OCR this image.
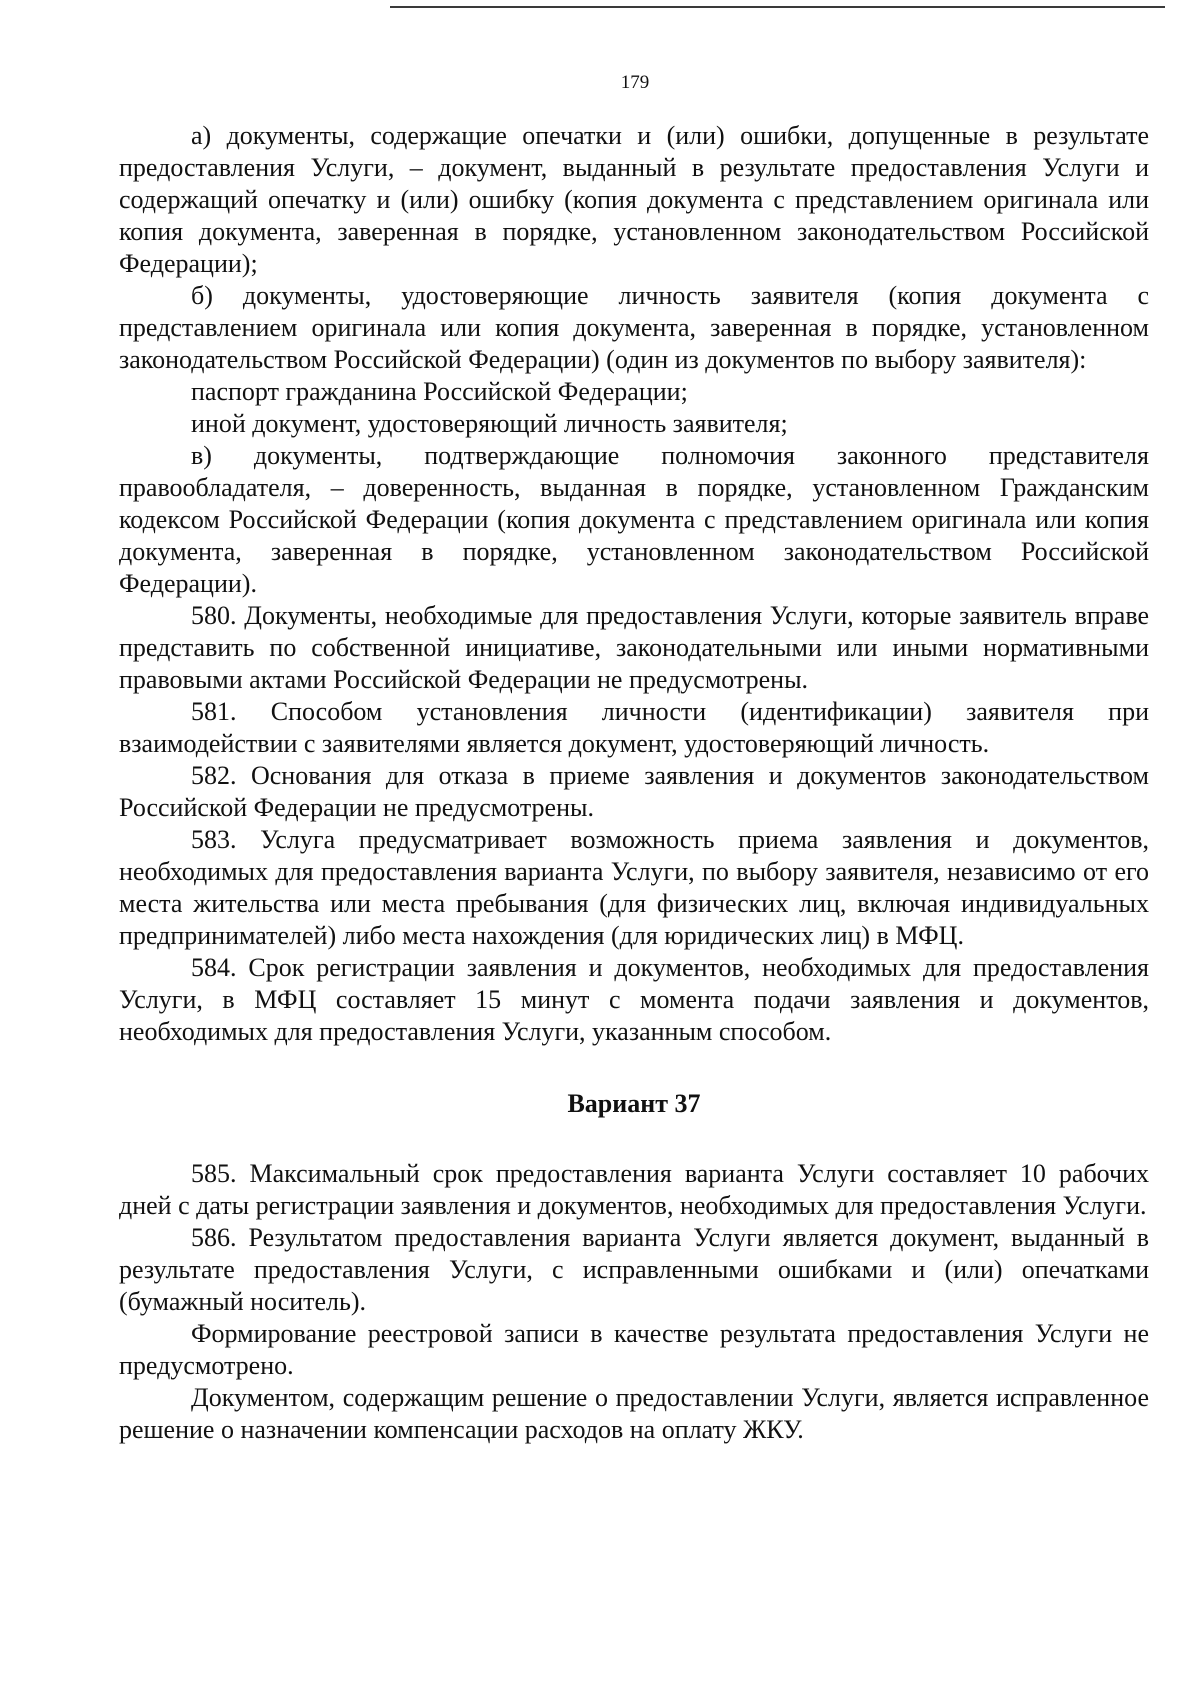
179

а) документы, содержащие опечатки и (или) ошибки, допущенные в результате предоставления Услуги, – документ, выданный в результате предоставления Услуги и содержащий опечатку и (или) ошибку (копия документа с представлением оригинала или копия документа, заверенная в порядке, установленном законодательством Российской Федерации);

б) документы, удостоверяющие личность заявителя (копия документа с представлением оригинала или копия документа, заверенная в порядке, установленном законодательством Российской Федерации) (один из документов по выбору заявителя):

паспорт гражданина Российской Федерации;

иной документ, удостоверяющий личность заявителя;

в) документы, подтверждающие полномочия законного представителя правообладателя, – доверенность, выданная в порядке, установленном Гражданским кодексом Российской Федерации (копия документа с представлением оригинала или копия документа, заверенная в порядке, установленном законодательством Российской Федерации).

580. Документы, необходимые для предоставления Услуги, которые заявитель вправе представить по собственной инициативе, законодательными или иными нормативными правовыми актами Российской Федерации не предусмотрены.

581. Способом установления личности (идентификации) заявителя при взаимодействии с заявителями является документ, удостоверяющий личность.

582. Основания для отказа в приеме заявления и документов законодательством Российской Федерации не предусмотрены.

583. Услуга предусматривает возможность приема заявления и документов, необходимых для предоставления варианта Услуги, по выбору заявителя, независимо от его места жительства или места пребывания (для физических лиц, включая индивидуальных предпринимателей) либо места нахождения (для юридических лиц) в МФЦ.

584. Срок регистрации заявления и документов, необходимых для предоставления Услуги, в МФЦ составляет 15 минут с момента подачи заявления и документов, необходимых для предоставления Услуги, указанным способом.

Вариант 37

585. Максимальный срок предоставления варианта Услуги составляет 10 рабочих дней с даты регистрации заявления и документов, необходимых для предоставления Услуги.

586. Результатом предоставления варианта Услуги является документ, выданный в результате предоставления Услуги, с исправленными ошибками и (или) опечатками (бумажный носитель).

Формирование реестровой записи в качестве результата предоставления Услуги не предусмотрено.

Документом, содержащим решение о предоставлении Услуги, является исправленное решение о назначении компенсации расходов на оплату ЖКУ.
